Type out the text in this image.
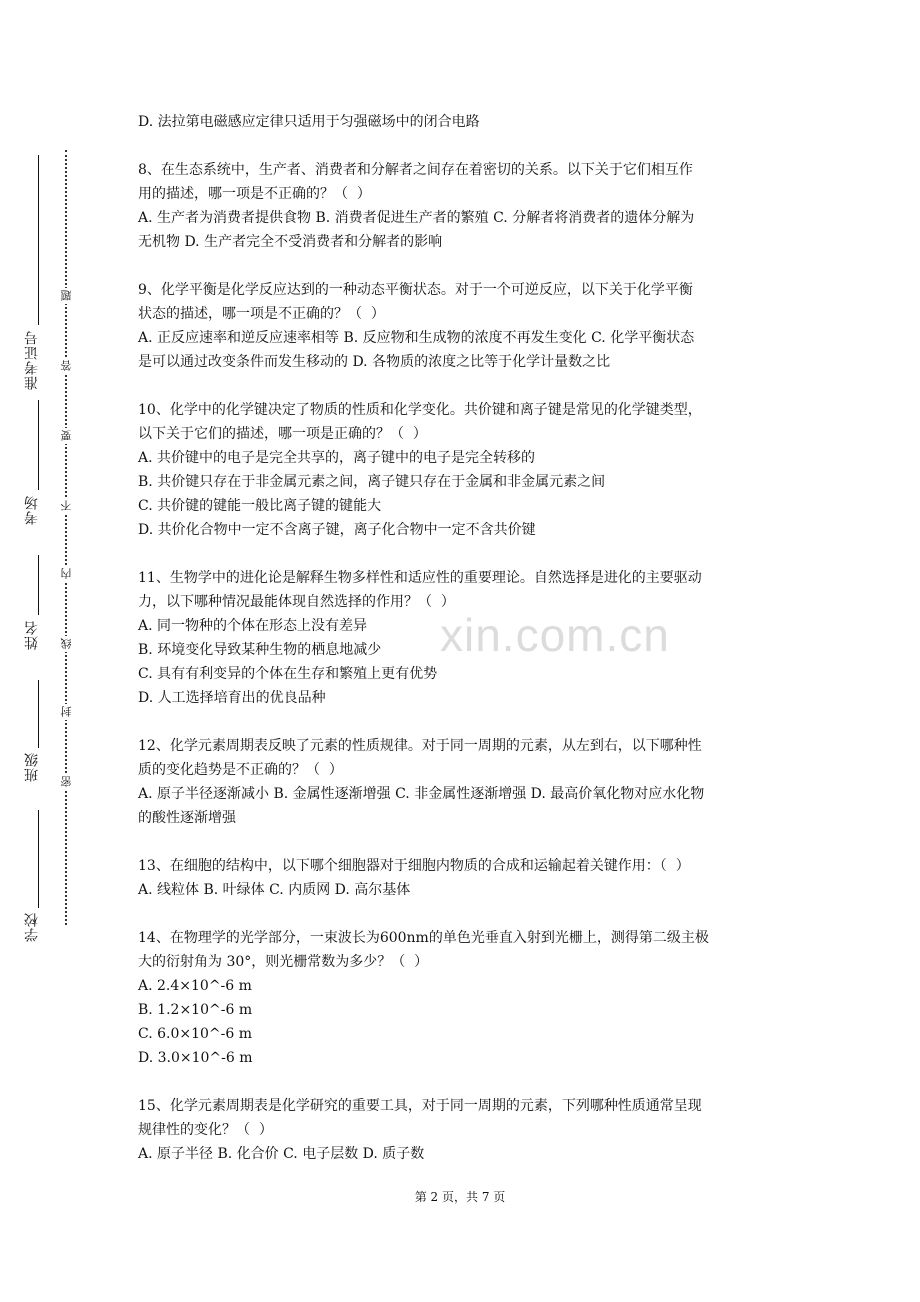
准考证号
考场
姓名
班级
学校
题
答
要
不
内
线
封
密
xin.com.cn
D. 法拉第电磁感应定律只适用于匀强磁场中的闭合电路
8、在生态系统中，生产者、消费者和分解者之间存在着密切的关系。以下关于它们相互作
用的描述，哪一项是不正确的？（  ）
A. 生产者为消费者提供食物 B. 消费者促进生产者的繁殖 C. 分解者将消费者的遗体分解为
无机物 D. 生产者完全不受消费者和分解者的影响
9、化学平衡是化学反应达到的一种动态平衡状态。对于一个可逆反应，以下关于化学平衡
状态的描述，哪一项是不正确的？（  ）
A. 正反应速率和逆反应速率相等 B. 反应物和生成物的浓度不再发生变化 C. 化学平衡状态
是可以通过改变条件而发生移动的 D. 各物质的浓度之比等于化学计量数之比
10、化学中的化学键决定了物质的性质和化学变化。共价键和离子键是常见的化学键类型，
以下关于它们的描述，哪一项是正确的？（  ）
A. 共价键中的电子是完全共享的，离子键中的电子是完全转移的
B. 共价键只存在于非金属元素之间，离子键只存在于金属和非金属元素之间
C. 共价键的键能一般比离子键的键能大
D. 共价化合物中一定不含离子键，离子化合物中一定不含共价键
11、生物学中的进化论是解释生物多样性和适应性的重要理论。自然选择是进化的主要驱动
力，以下哪种情况最能体现自然选择的作用？（  ）
A. 同一物种的个体在形态上没有差异
B. 环境变化导致某种生物的栖息地减少
C. 具有有利变异的个体在生存和繁殖上更有优势
D. 人工选择培育出的优良品种
12、化学元素周期表反映了元素的性质规律。对于同一周期的元素，从左到右，以下哪种性
质的变化趋势是不正确的？（  ）
A. 原子半径逐渐减小 B. 金属性逐渐增强 C. 非金属性逐渐增强 D. 最高价氧化物对应水化物
的酸性逐渐增强
13、在细胞的结构中，以下哪个细胞器对于细胞内物质的合成和运输起着关键作用：（  ）
A. 线粒体 B. 叶绿体 C. 内质网 D. 高尔基体
14、在物理学的光学部分，一束波长为600nm的单色光垂直入射到光栅上，测得第二级主极
大的衍射角为 30°，则光栅常数为多少？（  ）
A. 2.4×10^-6 m
B. 1.2×10^-6 m
C. 6.0×10^-6 m
D. 3.0×10^-6 m
15、化学元素周期表是化学研究的重要工具，对于同一周期的元素，下列哪种性质通常呈现
规律性的变化？（  ）
A. 原子半径 B. 化合价 C. 电子层数 D. 质子数
第 2 页，共 7 页
